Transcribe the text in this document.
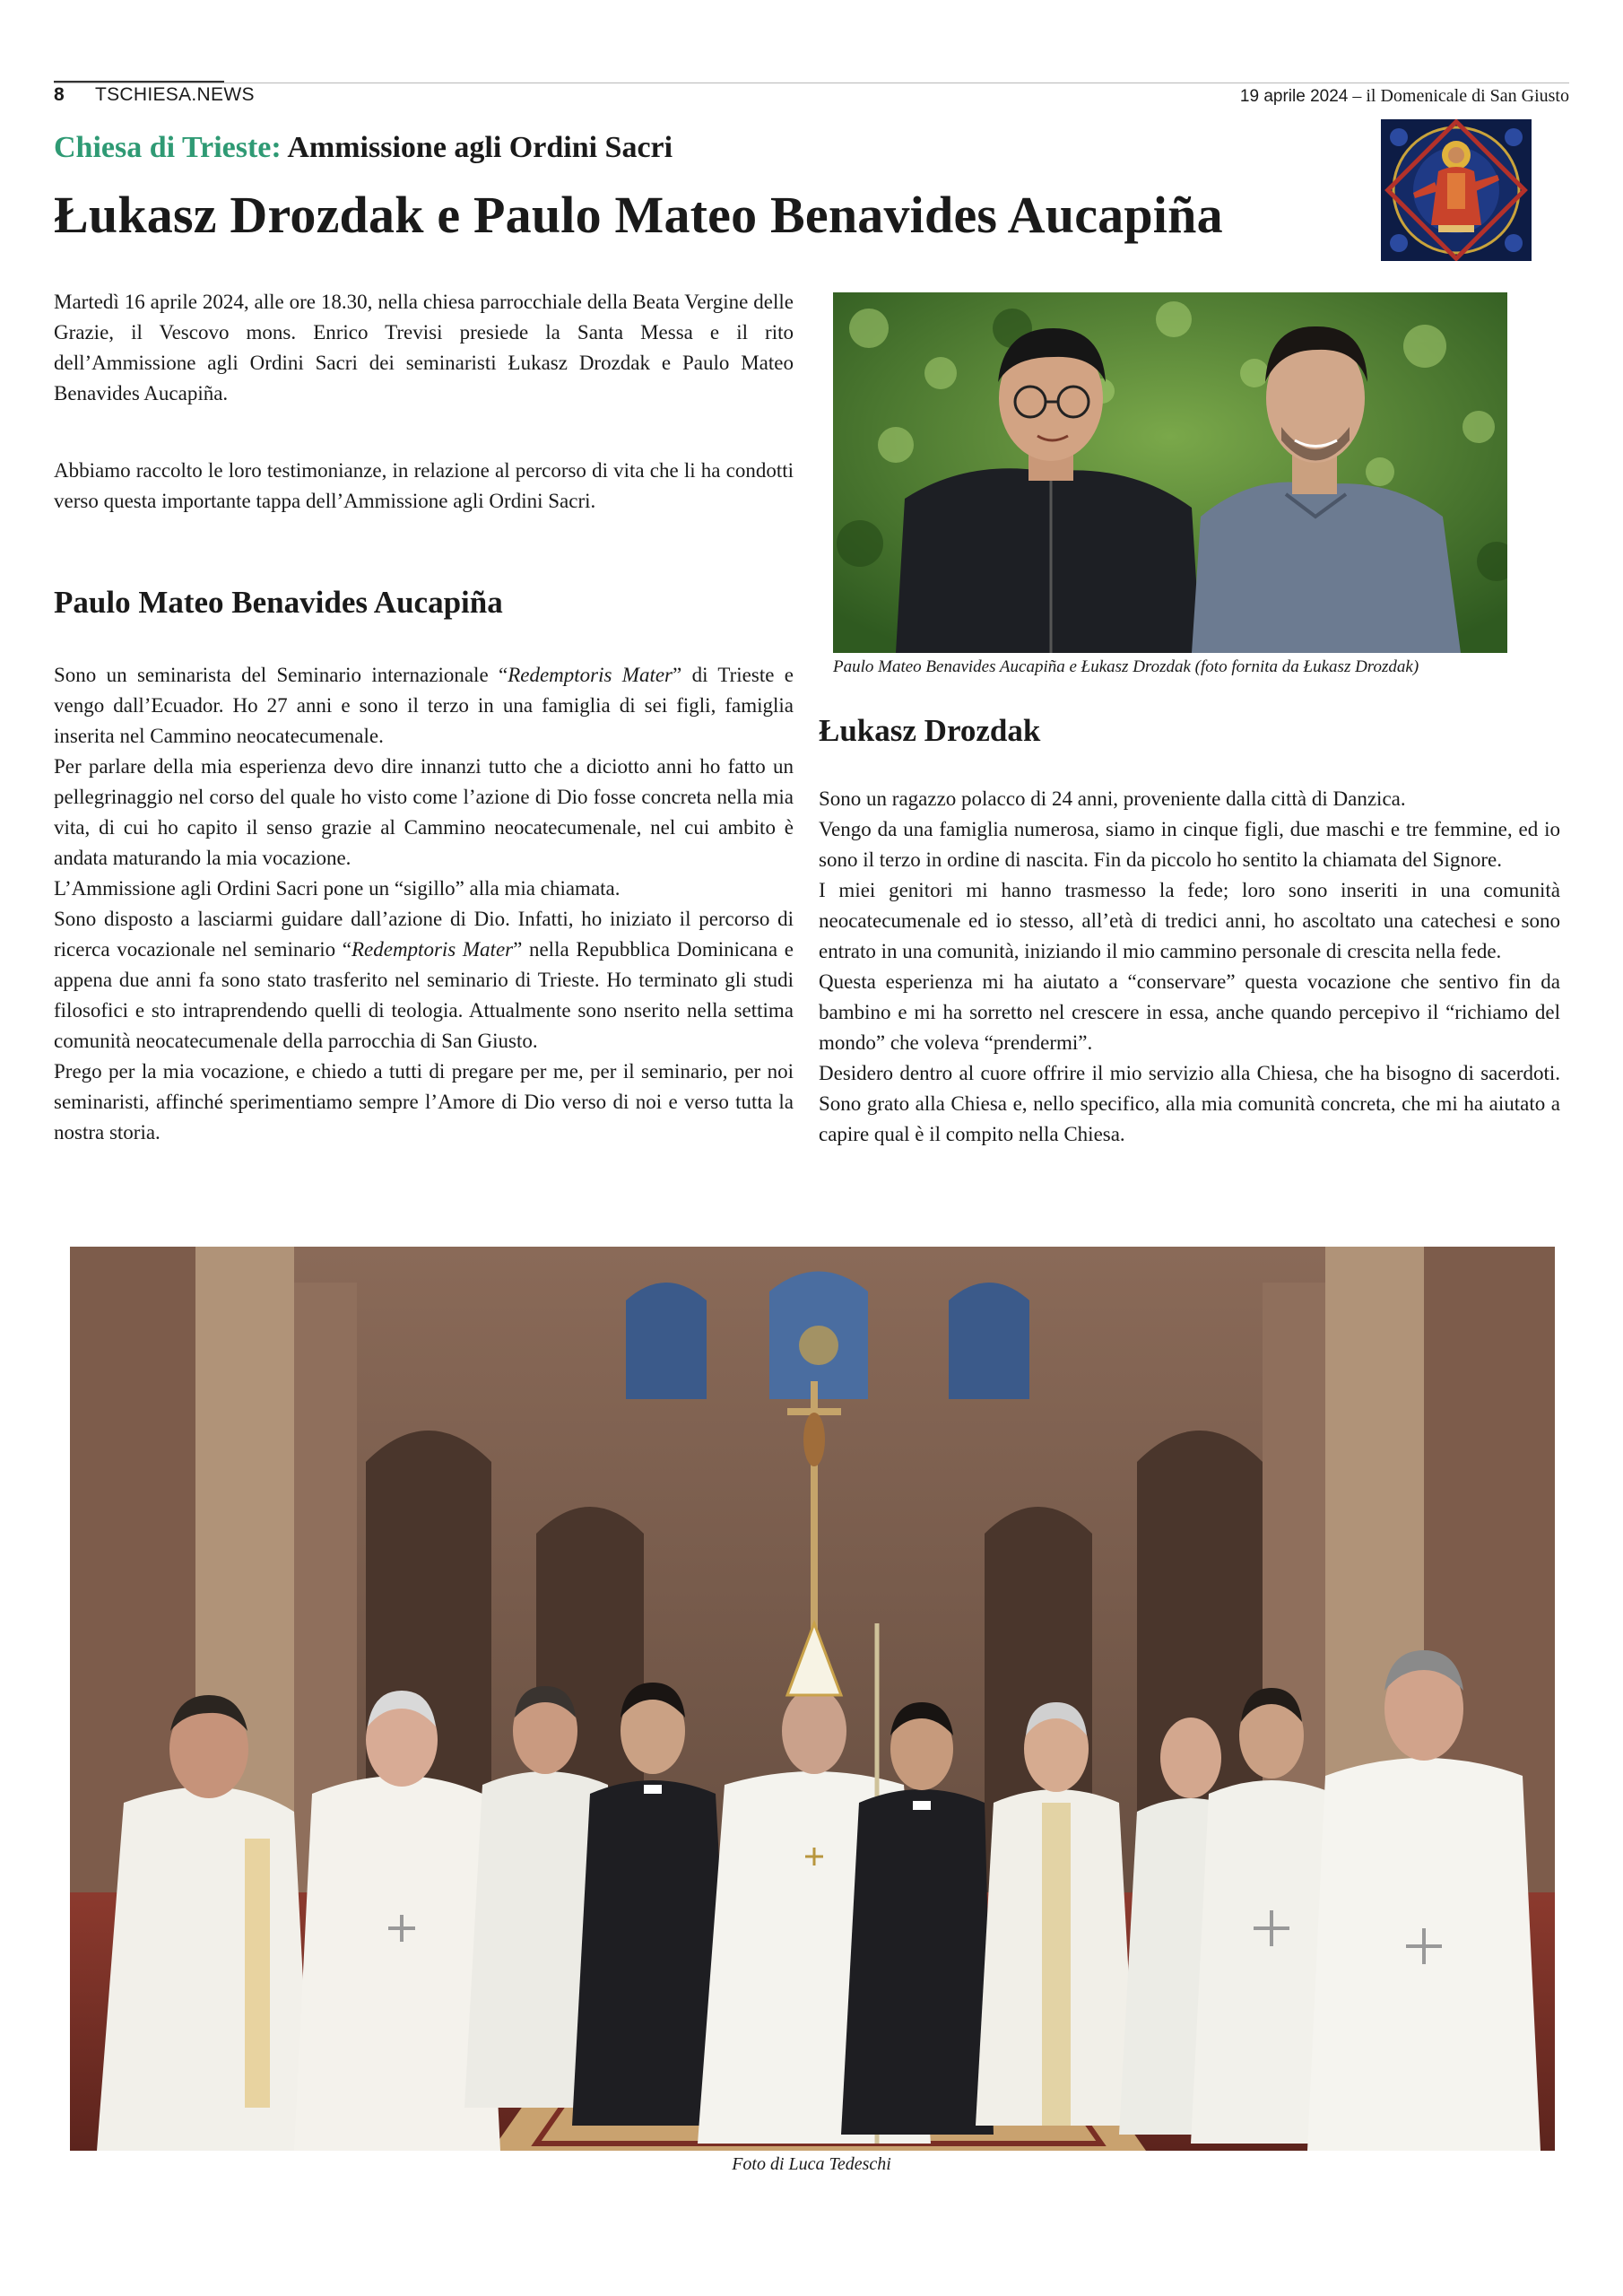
8 TSCHIESA.NEWS	19 aprile 2024 – il Domenicale di San Giusto
Chiesa di Trieste: Ammissione agli Ordini Sacri
Łukasz Drozdak e Paulo Mateo Benavides Aucapiña

Martedì 16 aprile 2024, alle ore 18.30, nella chiesa parrocchiale della Beata Vergine delle Grazie, il Vescovo mons. Enrico Trevisi presiede la Santa Messa e il rito dell’Ammissione agli Ordini Sacri dei seminaristi Łukasz Drozdak e Paulo Mateo Benavides Aucapiña.

Abbiamo raccolto le loro testimonianze, in relazione al percorso di vita che li ha condotti verso questa importante tappa dell’Ammissione agli Ordini Sacri.

Paulo Mateo Benavides Aucapiña

Sono un seminarista del Seminario internazionale “Redemptoris Mater” di Trieste e vengo dall’Ecuador. Ho 27 anni e sono il terzo in una famiglia di sei figli, famiglia inserita nel Cammino neocatecumenale.

Per parlare della mia esperienza devo dire innanzi tutto che a diciotto anni ho fatto un pellegrinaggio nel corso del quale ho visto come l’azione di Dio fosse concreta nella mia vita, di cui ho capito il senso grazie al Cammino neocatecumenale, nel cui ambito è andata maturando la mia vocazione.

L’Ammissione agli Ordini Sacri pone un “sigillo” alla mia chiamata.

Sono disposto a lasciarmi guidare dall’azione di Dio. Infatti, ho iniziato il percorso di ricerca vocazionale nel seminario “Redemptoris Mater” nella Repubblica Dominicana e appena due anni fa sono stato trasferito nel seminario di Trieste. Ho terminato gli studi filosofici e sto intraprendendo quelli di teologia. Attualmente sono nserito nella settima comunità neocatecumenale della parrocchia di San Giusto.

Prego per la mia vocazione, e chiedo a tutti di pregare per me, per il seminario, per noi seminaristi, affinché sperimentiamo sempre l’Amore di Dio verso di noi e verso tutta la nostra storia.

Paulo Mateo Benavides Aucapiña e Łukasz Drozdak (foto fornita da Łukasz Drozdak)
Łukasz Drozdak

Sono un ragazzo polacco di 24 anni, proveniente dalla città di Danzica.

Vengo da una famiglia numerosa, siamo in cinque figli, due maschi e tre femmine, ed io sono il terzo in ordine di nascita. Fin da piccolo ho sentito la chiamata del Signore.

I miei genitori mi hanno trasmesso la fede; loro sono inseriti in una comunità neocatecumenale ed io stesso, all’età di tredici anni, ho ascoltato una catechesi e sono entrato in una comunità, iniziando il mio cammino personale di crescita nella fede.

Questa esperienza mi ha aiutato a “conservare” questa vocazione che sentivo fin da bambino e mi ha sorretto nel crescere in essa, anche quando percepivo il “richiamo del mondo” che voleva “prendermi”.

Desidero dentro al cuore offrire il mio servizio alla Chiesa, che ha bisogno di sacerdoti. Sono grato alla Chiesa e, nello specifico, alla mia comunità concreta, che mi ha aiutato a capire qual è il compito nella Chiesa.

Foto di Luca Tedeschi
